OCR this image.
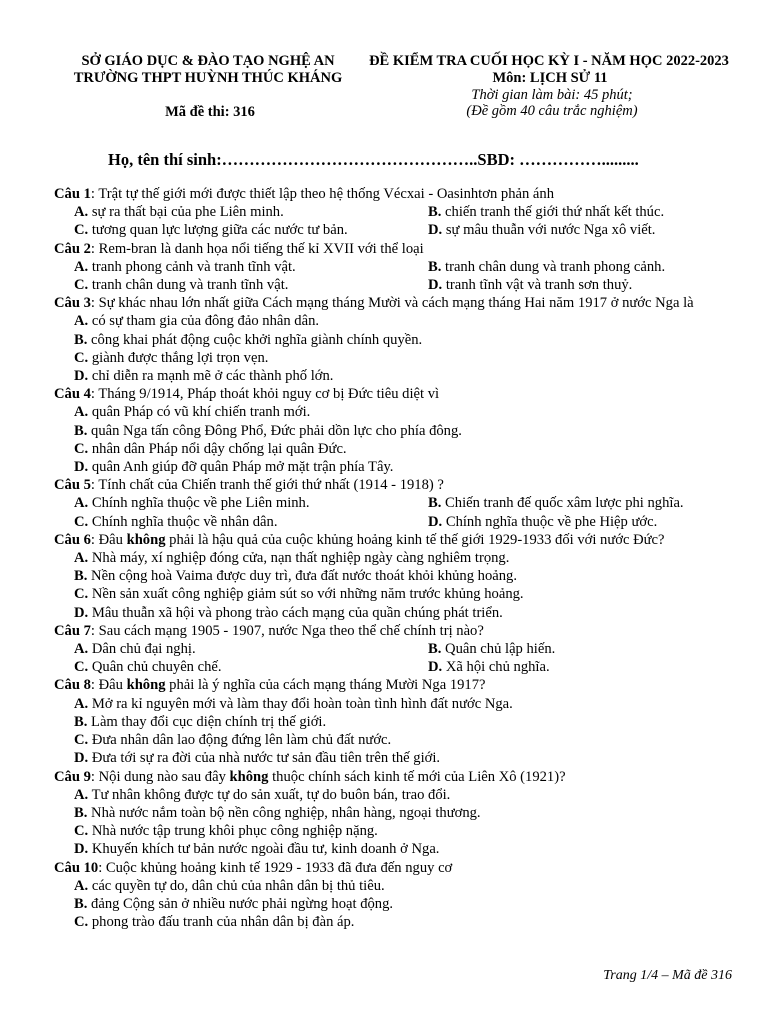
SỞ GIÁO DỤC & ĐÀO TẠO NGHỆ AN
TRƯỜNG THPT HUỲNH THÚC KHÁNG
Mã đề thi: 316
ĐỀ KIỂM TRA CUỐI HỌC KỲ I - NĂM HỌC 2022-2023
Môn: LỊCH SỬ 11
Thời gian làm bài: 45 phút;
(Đề gồm 40 câu trắc nghiệm)
Họ, tên thí sinh:………………………………………..SBD: …………….........
Câu 1: Trật tự thế giới mới được thiết lập theo hệ thống Vécxai - Oasinhtơn phản ánh
A. sự ra thất bại của phe Liên minh.	B. chiến tranh thế giới thứ nhất kết thúc.
C. tương quan lực lượng giữa các nước tư bản.	D. sự mâu thuẫn với nước Nga xô viết.
Câu 2: Rem-bran là danh họa nổi tiếng thế kỉ XVII với thể loại
A. tranh phong cảnh và tranh tĩnh vật.	B. tranh chân dung và tranh phong cảnh.
C. tranh chân dung và tranh tĩnh vật.	D. tranh tĩnh vật và tranh sơn thuỷ.
Câu 3: Sự khác nhau lớn nhất giữa Cách mạng tháng Mười và cách mạng tháng Hai năm 1917 ở nước Nga là
A. có sự tham gia của đông đảo nhân dân.
B. công khai phát động cuộc khởi nghĩa giành chính quyền.
C. giành được thắng lợi trọn vẹn.
D. chỉ diễn ra mạnh mẽ ở các thành phố lớn.
Câu 4: Tháng 9/1914, Pháp thoát khỏi nguy cơ bị Đức tiêu diệt vì
A. quân Pháp có vũ khí chiến tranh mới.
B. quân Nga tấn công Đông Phổ, Đức phải dồn lực cho phía đông.
C. nhân dân Pháp nổi dậy chống lại quân Đức.
D. quân Anh giúp đỡ quân Pháp mở mặt trận phía Tây.
Câu 5: Tính chất của Chiến tranh thế giới thứ nhất (1914 - 1918) ?
A. Chính nghĩa thuộc về phe Liên minh.	B. Chiến tranh đế quốc xâm lược phi nghĩa.
C. Chính nghĩa thuộc về nhân dân.	D. Chính nghĩa thuộc về phe Hiệp ước.
Câu 6: Đâu không phải là hậu quả của cuộc khủng hoảng kinh tế thế giới 1929-1933 đối với nước Đức?
A. Nhà máy, xí nghiệp đóng cửa, nạn thất nghiệp ngày càng nghiêm trọng.
B. Nền cộng hoà Vaima được duy trì, đưa đất nước thoát khỏi khủng hoảng.
C. Nền sản xuất công nghiệp giảm sút so với những năm trước khủng hoảng.
D. Mâu thuẫn xã hội và phong trào cách mạng của quần chúng phát triển.
Câu 7: Sau cách mạng 1905 - 1907, nước Nga theo thể chế chính trị nào?
A. Dân chủ đại nghị.	B. Quân chủ lập hiến.
C. Quân chủ chuyên chế.	D. Xã hội chủ nghĩa.
Câu 8: Đâu không phải là ý nghĩa của cách mạng tháng Mười Nga 1917?
A. Mở ra kỉ nguyên mới và làm thay đổi hoàn toàn tình hình đất nước Nga.
B. Làm thay đổi cục diện chính trị thế giới.
C. Đưa nhân dân lao động đứng lên làm chủ đất nước.
D. Đưa tới sự ra đời của nhà nước tư sản đầu tiên trên thế giới.
Câu 9: Nội dung nào sau đây không thuộc chính sách kinh tế mới của Liên Xô (1921)?
A. Tư nhân không được tự do sản xuất, tự do buôn bán, trao đổi.
B. Nhà nước nắm toàn bộ nền công nghiệp, nhân hàng, ngoại thương.
C. Nhà nước tập trung khôi phục công nghiệp nặng.
D. Khuyến khích tư bản nước ngoài đầu tư, kinh doanh ở Nga.
Câu 10: Cuộc khủng hoảng kinh tế 1929 - 1933 đã đưa đến nguy cơ
A. các quyền tự do, dân chủ của nhân dân bị thủ tiêu.
B. đảng Cộng sản ở nhiều nước phải ngừng hoạt động.
C. phong trào đấu tranh của nhân dân bị đàn áp.
Trang 1/4 – Mã đề 316
